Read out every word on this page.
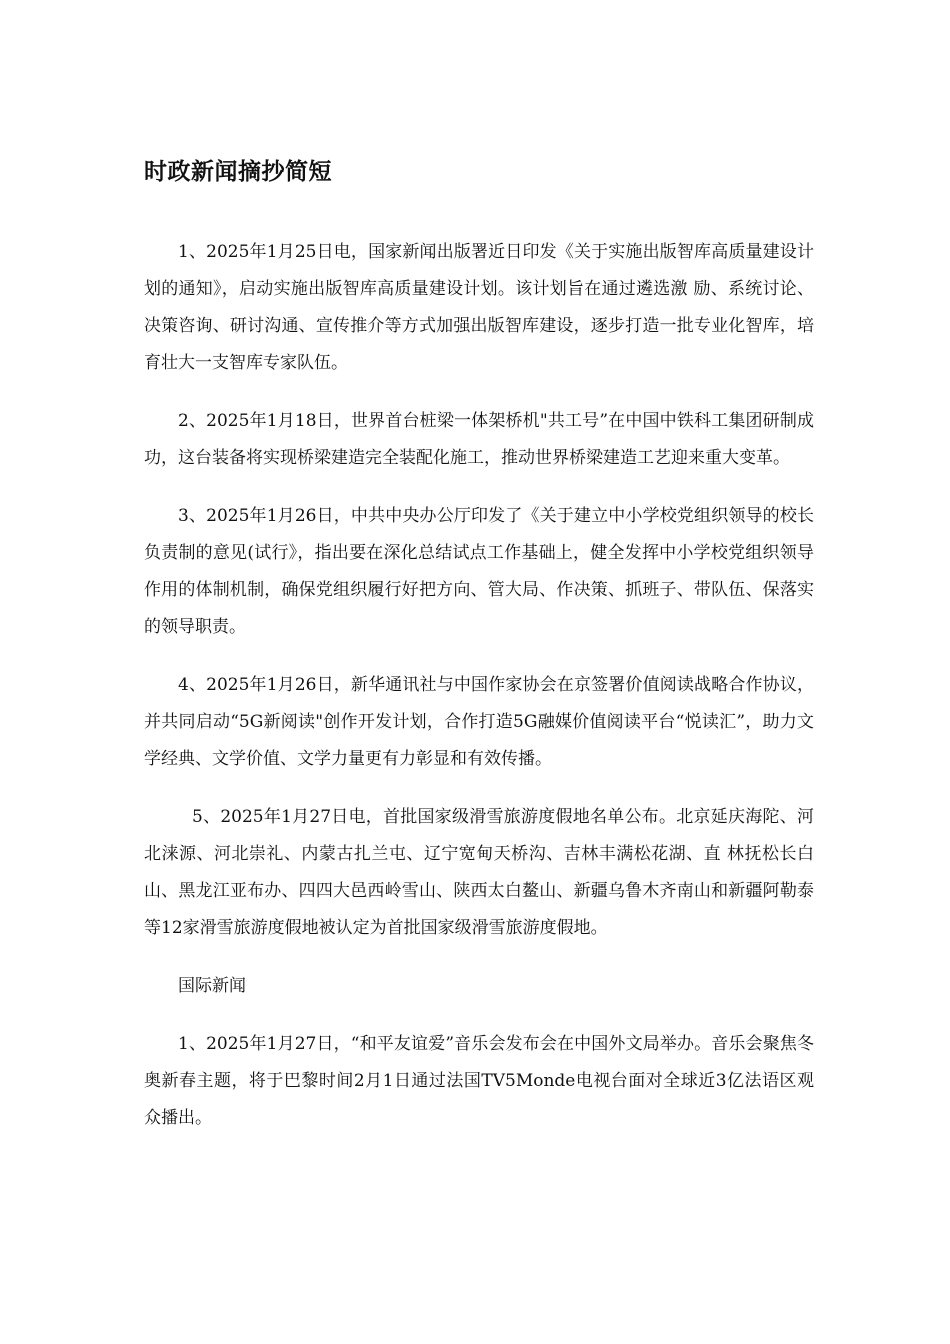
时政新闻摘抄简短

1、2025年1月25日电，国家新闻出版署近日印发《关于实施出版智库高质量建设计划的通知》，启动实施出版智库高质量建设计划。该计划旨在通过遴选激 励、系统讨论、决策咨询、研讨沟通、宣传推介等方式加强出版智库建设，逐步打造一批专业化智库，培育壮大一支智库专家队伍。

2、2025年1月18日，世界首台桩梁一体架桥机"共工号”在中国中铁科工集团研制成功，这台装备将实现桥梁建造完全装配化施工，推动世界桥梁建造工艺迎来重大变革。

3、2025年1月26日，中共中央办公厅印发了《关于建立中小学校党组织领导的校长负责制的意见(试行》，指出要在深化总结试点工作基础上，健全发挥中小学校党组织领导作用的体制机制，确保党组织履行好把方向、管大局、作决策、抓班子、带队伍、保落实的领导职责。

4、2025年1月26日，新华通讯社与中国作家协会在京签署价值阅读战略合作协议，并共同启动“5G新阅读"创作开发计划，合作打造5G融媒价值阅读平台“悦读汇”，助力文学经典、文学价值、文学力量更有力彰显和有效传播。

5、2025年1月27日电，首批国家级滑雪旅游度假地名单公布。北京延庆海陀、河北涞源、河北崇礼、内蒙古扎兰屯、辽宁宽甸天桥沟、吉林丰满松花湖、直 林抚松长白山、黑龙江亚布办、四四大邑西岭雪山、陕西太白鳌山、新疆乌鲁木齐南山和新疆阿勒泰等12家滑雪旅游度假地被认定为首批国家级滑雪旅游度假地。

国际新闻

1、2025年1月27日，“和平友谊爱”音乐会发布会在中国外文局举办。音乐会聚焦冬奥新春主题，将于巴黎时间2月1日通过法国TV5Monde电视台面对全球近3亿法语区观众播出。
